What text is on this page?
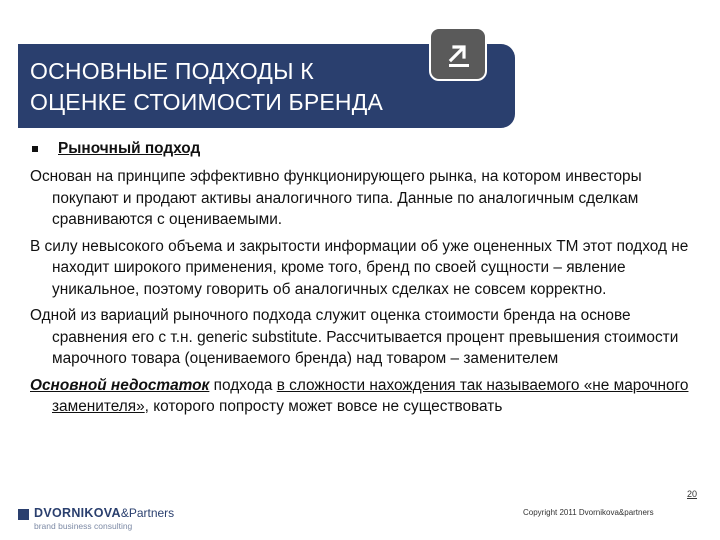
ОСНОВНЫЕ ПОДХОДЫ К
ОЦЕНКЕ СТОИМОСТИ БРЕНДА
Рыночный подход

Основан на принципе эффективно функционирующего рынка, на котором инвесторы покупают и продают активы аналогичного типа. Данные по аналогичным сделкам сравниваются с оцениваемыми.

В силу невысокого объема и закрытости информации об уже оцененных ТМ этот подход не находит широкого применения, кроме того, бренд по своей сущности – явление уникальное, поэтому говорить об аналогичных сделках не совсем корректно.

Одной из вариаций рыночного подхода служит оценка стоимости бренда на основе сравнения его с т.н. generic substitute. Рассчитывается процент превышения стоимости марочного товара (оцениваемого бренда) над товаром – заменителем

Основной недостаток подхода в сложности нахождения так называемого «не марочного заменителя», которого попросту может вовсе не существовать

20
DVORNIKOVA&Partners
brand business consulting
Copyright 2011 Dvornikova&partners
